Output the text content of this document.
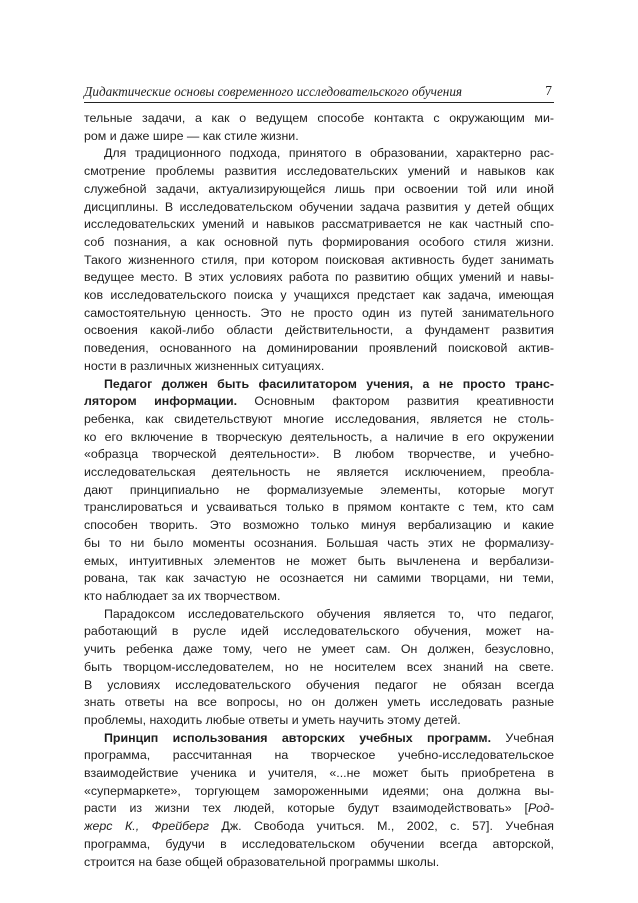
Дидактические основы современного исследовательского обучения	7
тельные задачи, а как о ведущем способе контакта с окружающим ми-
ром и даже шире — как стиле жизни.
Для традиционного подхода, принятого в образовании, характерно рас-
смотрение проблемы развития исследовательских умений и навыков как
служебной задачи, актуализирующейся лишь при освоении той или иной
дисциплины. В исследовательском обучении задача развития у детей общих
исследовательских умений и навыков рассматривается не как частный спо-
соб познания, а как основной путь формирования особого стиля жизни.
Такого жизненного стиля, при котором поисковая активность будет занимать
ведущее место. В этих условиях работа по развитию общих умений и навы-
ков исследовательского поиска у учащихся предстает как задача, имеющая
самостоятельную ценность. Это не просто один из путей занимательного
освоения какой-либо области действительности, а фундамент развития
поведения, основанного на доминировании проявлений поисковой актив-
ности в различных жизненных ситуациях.
Педагог должен быть фасилитатором учения, а не просто транс-
лятором информации. Основным фактором развития креативности
ребенка, как свидетельствуют многие исследования, является не столь-
ко его включение в творческую деятельность, а наличие в его окружении
«образца творческой деятельности». В любом творчестве, и учебно-
исследовательская деятельность не является исключением, преобла-
дают принципиально не формализуемые элементы, которые могут
транслироваться и усваиваться только в прямом контакте с тем, кто сам
способен творить. Это возможно только минуя вербализацию и какие
бы то ни было моменты осознания. Большая часть этих не формализу-
емых, интуитивных элементов не может быть вычленена и вербализи-
рована, так как зачастую не осознается ни самими творцами, ни теми,
кто наблюдает за их творчеством.
Парадоксом исследовательского обучения является то, что педагог,
работающий в русле идей исследовательского обучения, может на-
учить ребенка даже тому, чего не умеет сам. Он должен, безусловно,
быть творцом-исследователем, но не носителем всех знаний на свете.
В условиях исследовательского обучения педагог не обязан всегда
знать ответы на все вопросы, но он должен уметь исследовать разные
проблемы, находить любые ответы и уметь научить этому детей.
Принцип использования авторских учебных программ. Учебная
программа, рассчитанная на творческое учебно-исследовательское
взаимодействие ученика и учителя, «...не может быть приобретена в
«супермаркете», торгующем замороженными идеями; она должна вы-
расти из жизни тех людей, которые будут взаимодействовать» [Род-
жерс К., Фрейберг Дж. Свобода учиться. М., 2002, с. 57]. Учебная
программа, будучи в исследовательском обучении всегда авторской,
строится на базе общей образовательной программы школы.
